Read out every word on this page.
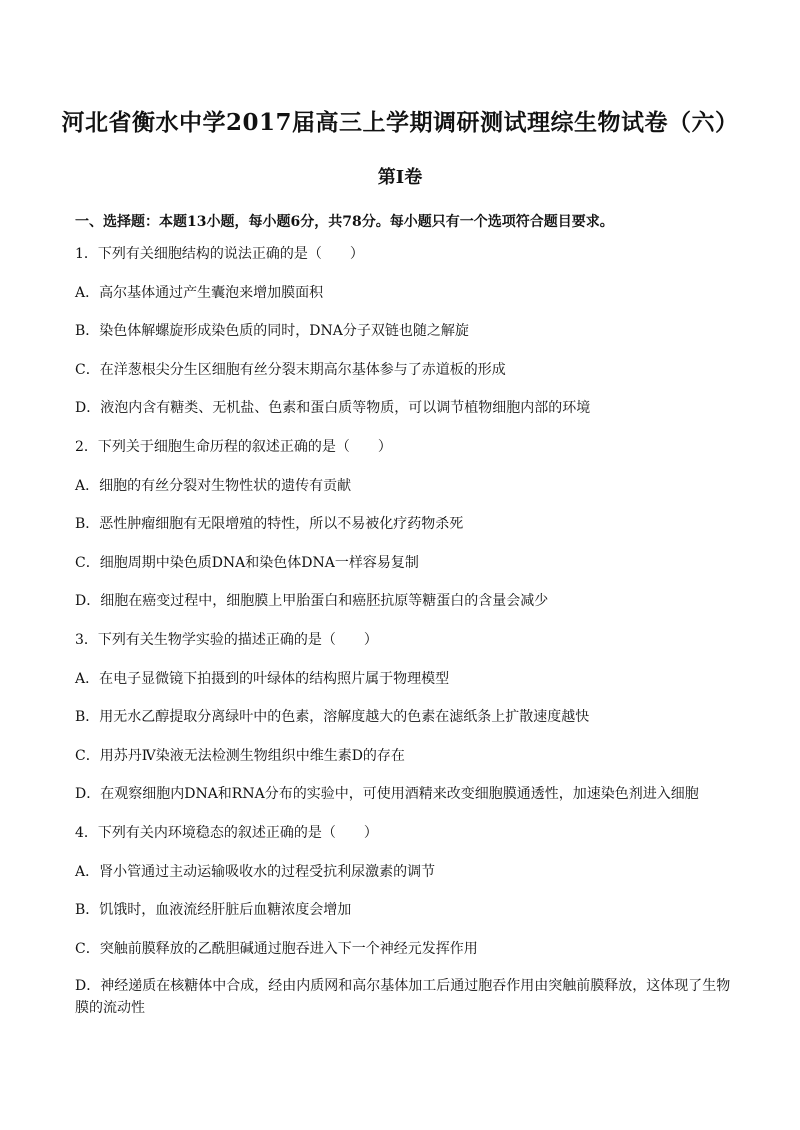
河北省衡水中学2017届高三上学期调研测试理综生物试卷（六）
第Ⅰ卷
一、选择题：本题13小题，每小题6分，共78分。每小题只有一个选项符合题目要求。
1．下列有关细胞结构的说法正确的是（　　）
A．高尔基体通过产生囊泡来增加膜面积
B．染色体解螺旋形成染色质的同时，DNA分子双链也随之解旋
C．在洋葱根尖分生区细胞有丝分裂末期高尔基体参与了赤道板的形成
D．液泡内含有糖类、无机盐、色素和蛋白质等物质，可以调节植物细胞内部的环境
2．下列关于细胞生命历程的叙述正确的是（　　）
A．细胞的有丝分裂对生物性状的遗传有贡献
B．恶性肿瘤细胞有无限增殖的特性，所以不易被化疗药物杀死
C．细胞周期中染色质DNA和染色体DNA一样容易复制
D．细胞在癌变过程中，细胞膜上甲胎蛋白和癌胚抗原等糖蛋白的含量会减少
3．下列有关生物学实验的描述正确的是（　　）
A．在电子显微镜下拍摄到的叶绿体的结构照片属于物理模型
B．用无水乙醇提取分离绿叶中的色素，溶解度越大的色素在滤纸条上扩散速度越快
C．用苏丹Ⅳ染液无法检测生物组织中维生素D的存在
D．在观察细胞内DNA和RNA分布的实验中，可使用酒精来改变细胞膜通透性，加速染色剂进入细胞
4．下列有关内环境稳态的叙述正确的是（　　）
A．肾小管通过主动运输吸收水的过程受抗利尿激素的调节
B．饥饿时，血液流经肝脏后血糖浓度会增加
C．突触前膜释放的乙酰胆碱通过胞吞进入下一个神经元发挥作用
D．神经递质在核糖体中合成，经由内质网和高尔基体加工后通过胞吞作用由突触前膜释放，这体现了生物膜的流动性
